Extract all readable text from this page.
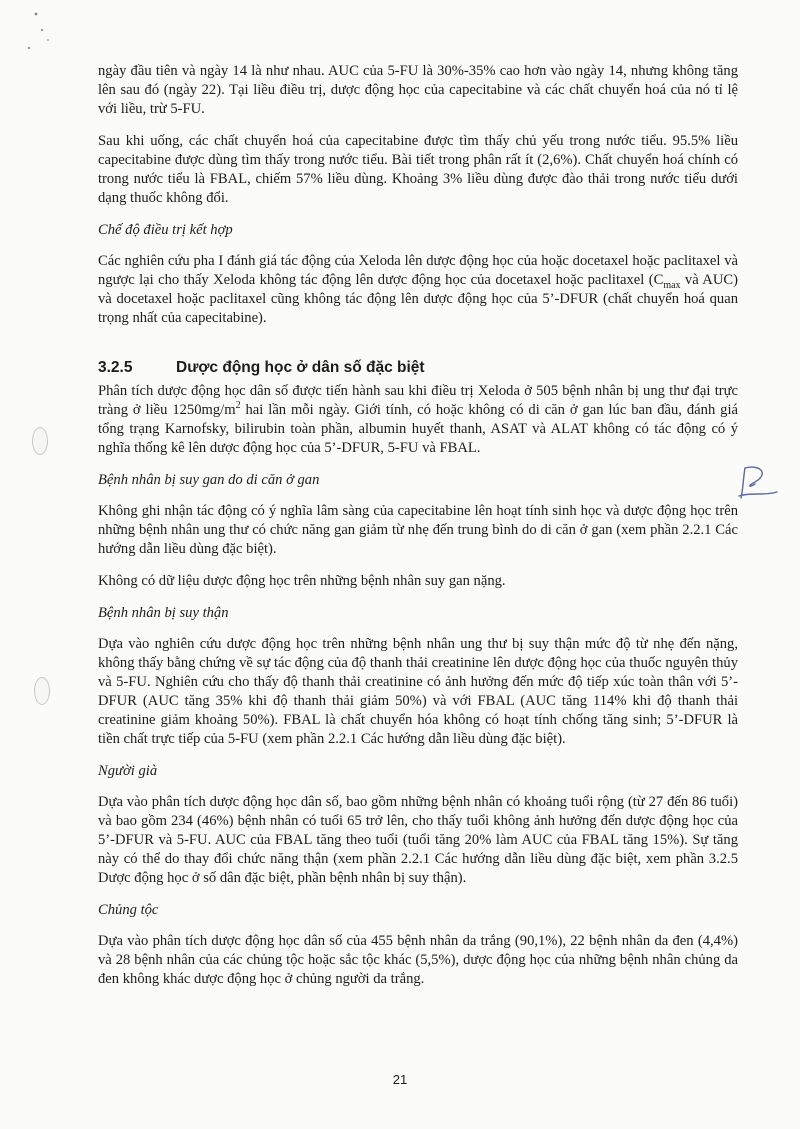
ngày đầu tiên và ngày 14 là như nhau. AUC của 5-FU là 30%-35% cao hơn vào ngày 14, nhưng không tăng lên sau đó (ngày 22). Tại liều điều trị, dược động học của capecitabine và các chất chuyển hoá của nó tỉ lệ với liều, trừ 5-FU.

Sau khi uống, các chất chuyển hoá của capecitabine được tìm thấy chủ yếu trong nước tiểu. 95.5% liều capecitabine được dùng tìm thấy trong nước tiểu. Bài tiết trong phân rất ít (2,6%). Chất chuyển hoá chính có trong nước tiểu là FBAL, chiếm 57% liều dùng. Khoảng 3% liều dùng được đào thải trong nước tiểu dưới dạng thuốc không đổi.

Chế độ điều trị kết hợp

Các nghiên cứu pha I đánh giá tác động của Xeloda lên dược động học của hoặc docetaxel hoặc paclitaxel và ngược lại cho thấy Xeloda không tác động lên dược động học của docetaxel hoặc paclitaxel ($C_{max}$ và AUC) và docetaxel hoặc paclitaxel cũng không tác động lên dược động học của 5’-DFUR (chất chuyển hoá quan trọng nhất của capecitabine).

3.2.5	Dược động học ở dân số đặc biệt

Phân tích dược động học dân số được tiến hành sau khi điều trị Xeloda ở 505 bệnh nhân bị ung thư đại trực tràng ở liều $1250mg/m^2$ hai lần mỗi ngày. Giới tính, có hoặc không có di căn ở gan lúc ban đầu, đánh giá tổng trạng Karnofsky, bilirubin toàn phần, albumin huyết thanh, ASAT và ALAT không có tác động có ý nghĩa thống kê lên dược động học của 5’-DFUR, 5-FU và FBAL.

Bệnh nhân bị suy gan do di căn ở gan

Không ghi nhận tác động có ý nghĩa lâm sàng của capecitabine lên hoạt tính sinh học và dược động học trên những bệnh nhân ung thư có chức năng gan giảm từ nhẹ đến trung bình do di căn ở gan (xem phần 2.2.1 Các hướng dẫn liều dùng đặc biệt).

Không có dữ liệu dược động học trên những bệnh nhân suy gan nặng.

Bệnh nhân bị suy thận

Dựa vào nghiên cứu dược động học trên những bệnh nhân ung thư bị suy thận mức độ từ nhẹ đến nặng, không thấy bằng chứng về sự tác động của độ thanh thải creatinine lên dược động học của thuốc nguyên thủy và 5-FU. Nghiên cứu cho thấy độ thanh thải creatinine có ảnh hưởng đến mức độ tiếp xúc toàn thân với 5’-DFUR (AUC tăng 35% khi độ thanh thải giảm 50%) và với FBAL (AUC tăng 114% khi độ thanh thải creatinine giảm khoảng 50%). FBAL là chất chuyển hóa không có hoạt tính chống tăng sinh; 5’-DFUR là tiền chất trực tiếp của 5-FU (xem phần 2.2.1 Các hướng dẫn liều dùng đặc biệt).

Người già

Dựa vào phân tích dược động học dân số, bao gồm những bệnh nhân có khoảng tuổi rộng (từ 27 đến 86 tuổi) và bao gồm 234 (46%) bệnh nhân có tuổi 65 trở lên, cho thấy tuổi không ảnh hưởng đến dược động học của 5’-DFUR và 5-FU. AUC của FBAL tăng theo tuổi (tuổi tăng 20% làm AUC của FBAL tăng 15%). Sự tăng này có thể do thay đổi chức năng thận (xem phần 2.2.1 Các hướng dẫn liều dùng đặc biệt, xem phần 3.2.5 Dược động học ở số dân đặc biệt, phần bệnh nhân bị suy thận).

Chủng tộc

Dựa vào phân tích dược động học dân số của 455 bệnh nhân da trắng (90,1%), 22 bệnh nhân da đen (4,4%) và 28 bệnh nhân của các chủng tộc hoặc sắc tộc khác (5,5%), dược động học của những bệnh nhân chủng da đen không khác dược động học ở chủng người da trắng.

21
